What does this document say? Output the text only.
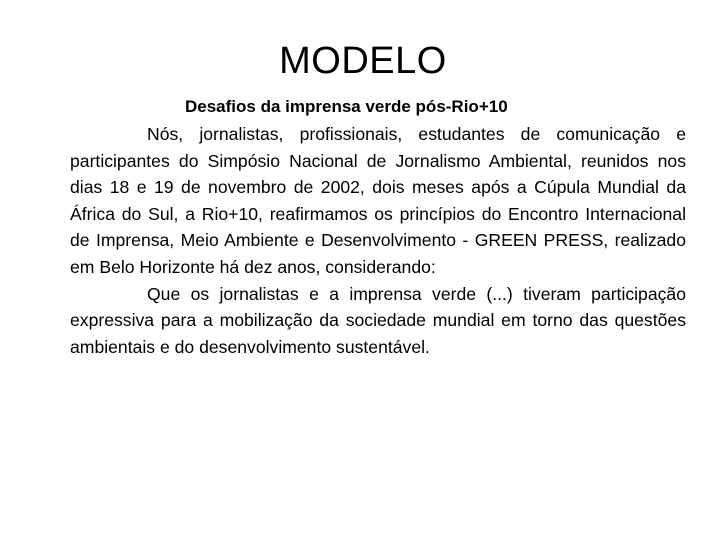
MODELO
Desafios da imprensa verde pós-Rio+10

Nós, jornalistas, profissionais, estudantes de comunicação e participantes do Simpósio Nacional de Jornalismo Ambiental, reunidos nos dias 18 e 19 de novembro de 2002, dois meses após a Cúpula Mundial da África do Sul, a Rio+10, reafirmamos os princípios do Encontro Internacional de Imprensa, Meio Ambiente e Desenvolvimento - GREEN PRESS, realizado em Belo Horizonte há dez anos, considerando:

Que os jornalistas e a imprensa verde (...) tiveram participação expressiva para a mobilização da sociedade mundial em torno das questões ambientais e do desenvolvimento sustentável.
